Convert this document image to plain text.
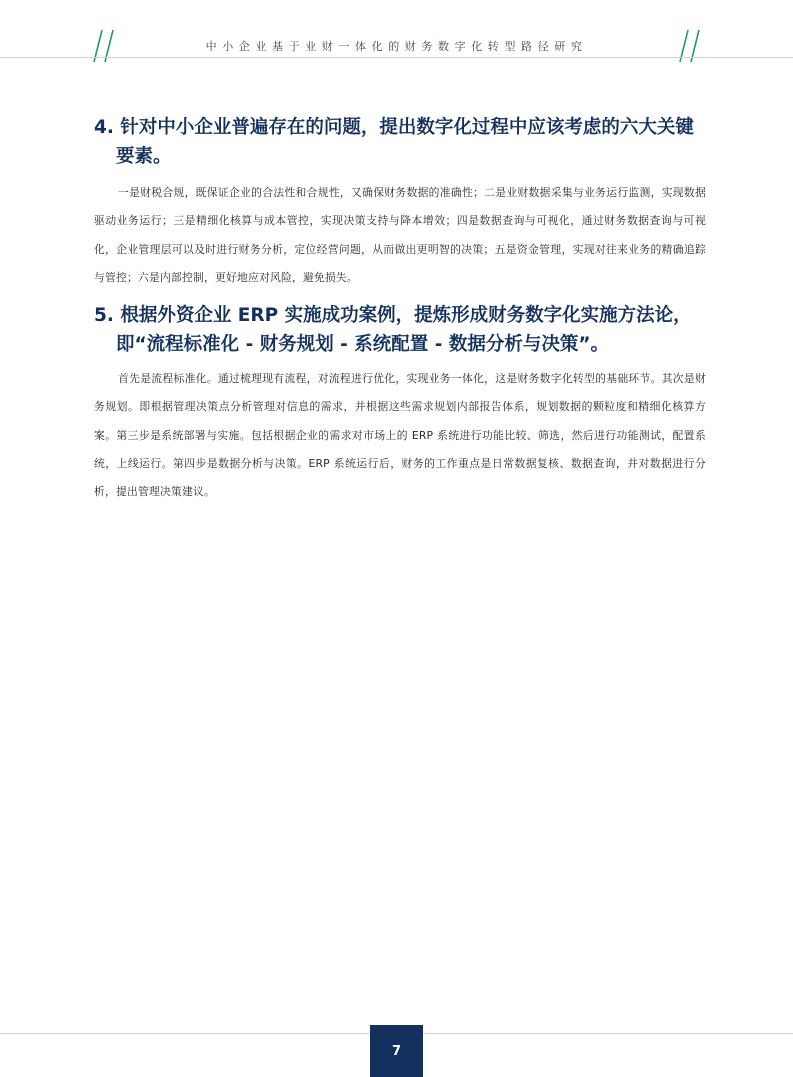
中小企业基于业财一体化的财务数字化转型路径研究
4. 针对中小企业普遍存在的问题，提出数字化过程中应该考虑的六大关键要素。

一是财税合规，既保证企业的合法性和合规性，又确保财务数据的准确性；二是业财数据采集与业务运行监测，实现数据驱动业务运行；三是精细化核算与成本管控，实现决策支持与降本增效；四是数据查询与可视化，通过财务数据查询与可视化，企业管理层可以及时进行财务分析，定位经营问题，从而做出更明智的决策；五是资金管理，实现对往来业务的精确追踪与管控；六是内部控制，更好地应对风险，避免损失。

5. 根据外资企业 ERP 实施成功案例，提炼形成财务数字化实施方法论，即“流程标准化 - 财务规划 - 系统配置 - 数据分析与决策”。

首先是流程标准化。通过梳理现有流程，对流程进行优化，实现业务一体化，这是财务数字化转型的基础环节。其次是财务规划。即根据管理决策点分析管理对信息的需求，并根据这些需求规划内部报告体系，规划数据的颗粒度和精细化核算方案。第三步是系统部署与实施。包括根据企业的需求对市场上的 ERP 系统进行功能比较、筛选，然后进行功能测试，配置系统，上线运行。第四步是数据分析与决策。ERP 系统运行后，财务的工作重点是日常数据复核、数据查询，并对数据进行分析，提出管理决策建议。

7
